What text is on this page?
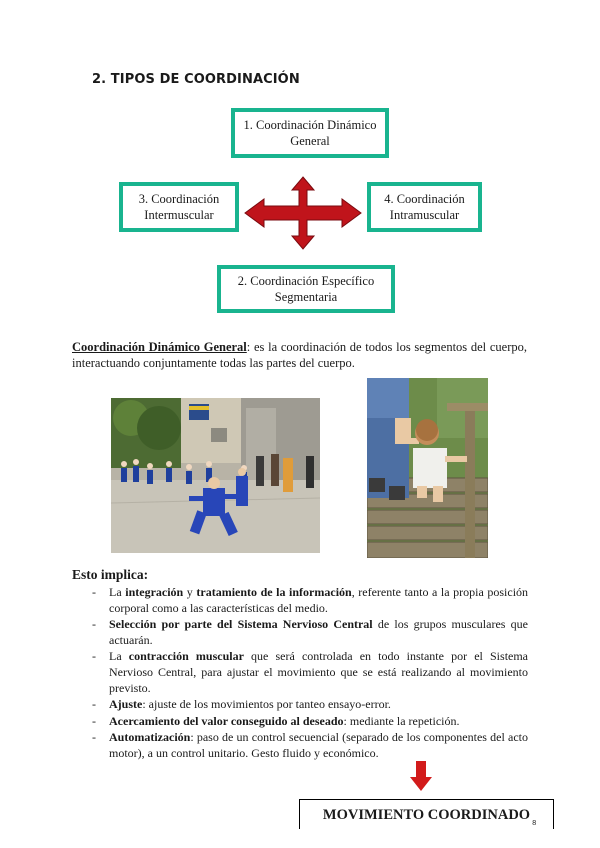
2. TIPOS DE COORDINACIÓN
1. Coordinación Dinámico General
3. Coordinación Intermuscular
4. Coordinación Intramuscular
2. Coordinación Específico Segmentaria
Coordinación Dinámico General: es la coordinación de todos los segmentos del cuerpo, interactuando conjuntamente todas las partes del cuerpo.
Esto implica:
- La integración y tratamiento de la información, referente tanto a la propia posición corporal como a las características del medio.
- Selección por parte del Sistema Nervioso Central de los grupos musculares que actuarán.
- La contracción muscular que será controlada en todo instante por el Sistema Nervioso Central, para ajustar el movimiento que se está realizando al movimiento previsto.
- Ajuste: ajuste de los movimientos por tanteo ensayo-error.
- Acercamiento del valor conseguido al deseado: mediante la repetición.
- Automatización: paso de un control secuencial (separado de los componentes del acto motor), a un control unitario. Gesto fluido y económico.
MOVIMIENTO COORDINADO 8
